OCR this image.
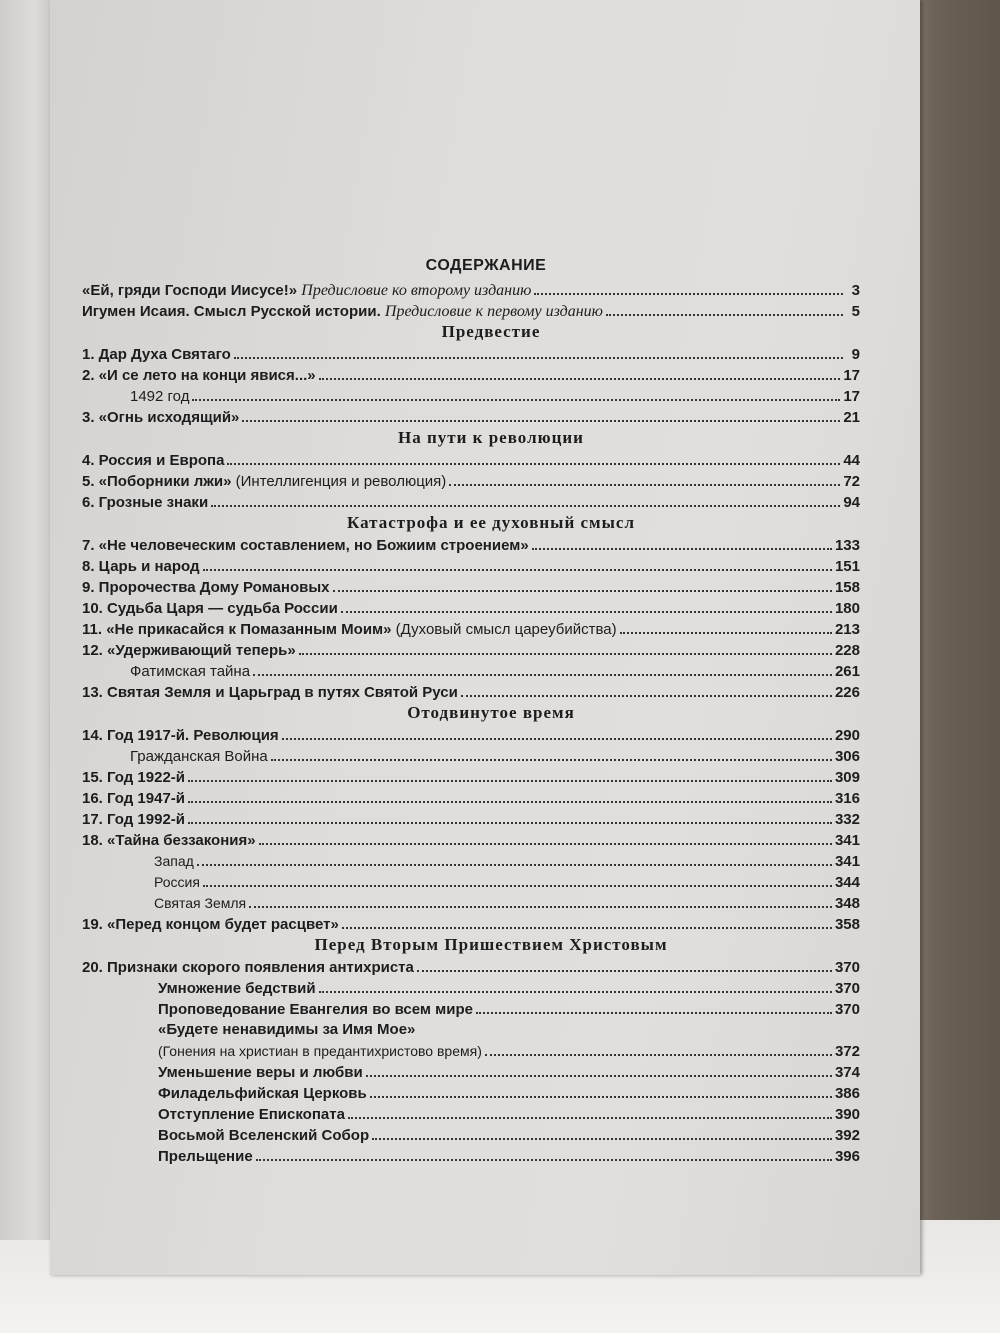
СОДЕРЖАНИЕ
«Ей, гряди Господи Иисусе!» Предисловие ко второму изданию	3
Игумен Исаия. Смысл Русской истории. Предисловие к первому изданию	5
Предвестие
1. Дар Духа Святаго	9
2. «И се лето на конци явися...»	17
1492 год	17
3. «Огнь исходящий»	21
На пути к революции
4. Россия и Европа	44
5. «Поборники лжи» (Интеллигенция и революция)	72
6. Грозные знаки	94
Катастрофа и ее духовный смысл
7. «Не человеческим составлением, но Божиим строением»	133
8. Царь и народ	151
9. Пророчества Дому Романовых	158
10. Судьба Царя — судьба России	180
11. «Не прикасайся к Помазанным Моим» (Духовый смысл цареубийства)	213
12. «Удерживающий теперь»	228
Фатимская тайна	261
13. Святая Земля и Царьград в путях Святой Руси	226
Отодвинутое время
14. Год 1917-й. Революция	290
Гражданская Война	306
15. Год 1922-й	309
16. Год 1947-й	316
17. Год 1992-й	332
18. «Тайна беззакония»	341
Запад	341
Россия	344
Святая Земля	348
19. «Перед концом будет расцвет»	358
Перед Вторым Пришествием Христовым
20. Признаки скорого появления антихриста	370
Умножение бедствий	370
Проповедование Евангелия во всем мире	370
«Будете ненавидимы за Имя Мое»
(Гонения на христиан в предантихристово время)	372
Уменьшение веры и любви	374
Филадельфийская Церковь	386
Отступление Епископата	390
Восьмой Вселенский Собор	392
Прельщение	396
